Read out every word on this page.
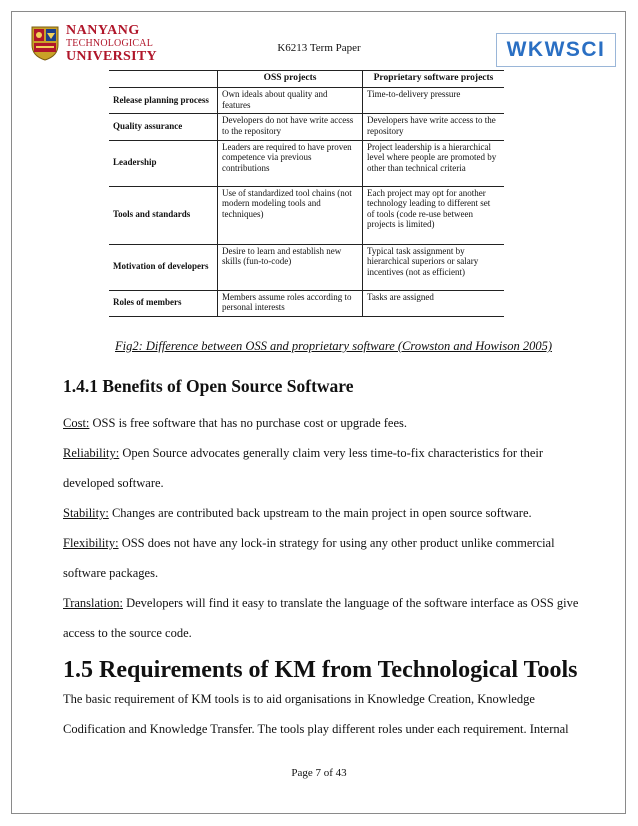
NANYANG
TECHNOLOGICAL
UNIVERSITY
K6213 Term Paper	WKWSCI
	OSS projects	Proprietary software projects
Release planning process	Own ideals about quality and features	Time-to-delivery pressure
Quality assurance	Developers do not have write access to the repository	Developers have write access to the repository
Leadership	Leaders are required to have proven competence via previous contributions	Project leadership is a hierarchical level where people are promoted by other than technical criteria
Tools and standards	Use of standardized tool chains (not modern modeling tools and techniques)	Each project may opt for another technology leading to different set of tools (code re-use between projects is limited)
Motivation of developers	Desire to learn and establish new skills (fun-to-code)	Typical task assignment by hierarchical superiors or salary incentives (not as efficient)
Roles of members	Members assume roles according to personal interests	Tasks are assigned
Fig2: Difference between OSS and proprietary software (Crowston and Howison 2005)
1.4.1 Benefits of Open Source Software
Cost: OSS is free software that has no purchase cost or upgrade fees.
Reliability: Open Source advocates generally claim very less time-to-fix characteristics for their
developed software.
Stability: Changes are contributed back upstream to the main project in open source software.
Flexibility: OSS does not have any lock-in strategy for using any other product unlike commercial
software packages.
Translation: Developers will find it easy to translate the language of the software interface as OSS give
access to the source code.
1.5 Requirements of KM from Technological Tools
The basic requirement of KM tools is to aid organisations in Knowledge Creation, Knowledge
Codification and Knowledge Transfer. The tools play different roles under each requirement. Internal
Page 7 of 43
